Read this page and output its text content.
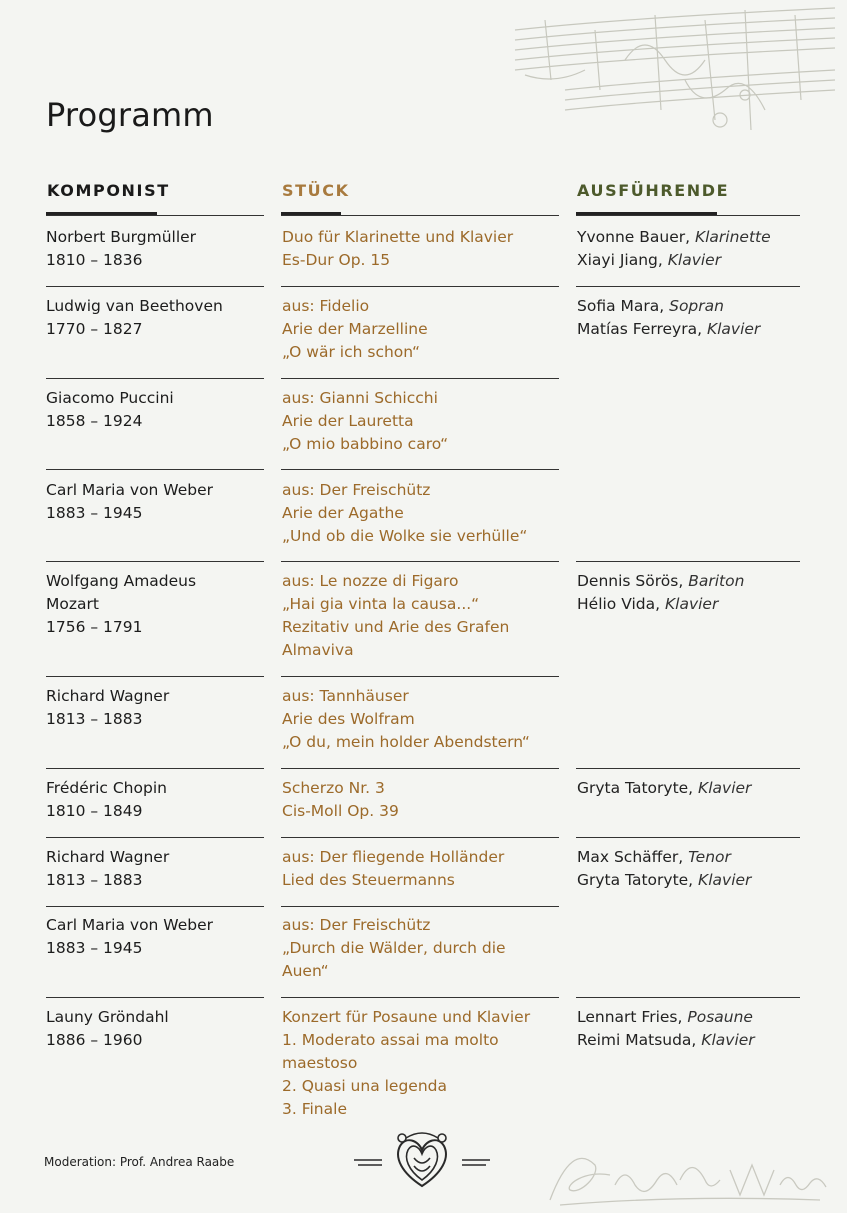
Programm
KOMPONIST	STÜCK	AUSFÜHRENDE
Norbert Burgmüller
1810 – 1836
Duo für Klarinette und Klavier
Es-Dur Op. 15
Yvonne Bauer, Klarinette
Xiayi Jiang, Klavier
Ludwig van Beethoven
1770 – 1827
aus: Fidelio
Arie der Marzelline
„O wär ich schon“
Sofia Mara, Sopran
Matías Ferreyra, Klavier
Giacomo Puccini
1858 – 1924
aus: Gianni Schicchi
Arie der Lauretta
„O mio babbino caro“
Carl Maria von Weber
1883 – 1945
aus: Der Freischütz
Arie der Agathe
„Und ob die Wolke sie verhülle“
Wolfgang Amadeus
Mozart
1756 – 1791
aus: Le nozze di Figaro
„Hai gia vinta la causa...“
Rezitativ und Arie des Grafen
Almaviva
Dennis Sörös, Bariton
Hélio Vida, Klavier
Richard Wagner
1813 – 1883
aus: Tannhäuser
Arie des Wolfram
„O du, mein holder Abendstern“
Frédéric Chopin
1810 – 1849
Scherzo Nr. 3
Cis-Moll Op. 39
Gryta Tatoryte, Klavier
Richard Wagner
1813 – 1883
aus: Der fliegende Holländer
Lied des Steuermanns
Max Schäffer, Tenor
Gryta Tatoryte, Klavier
Carl Maria von Weber
1883 – 1945
aus: Der Freischütz
„Durch die Wälder, durch die
Auen“
Launy Gröndahl
1886 – 1960
Konzert für Posaune und Klavier
1. Moderato assai ma molto
maestoso
2. Quasi una legenda
3. Finale
Lennart Fries, Posaune
Reimi Matsuda, Klavier
Moderation: Prof. Andrea Raabe
